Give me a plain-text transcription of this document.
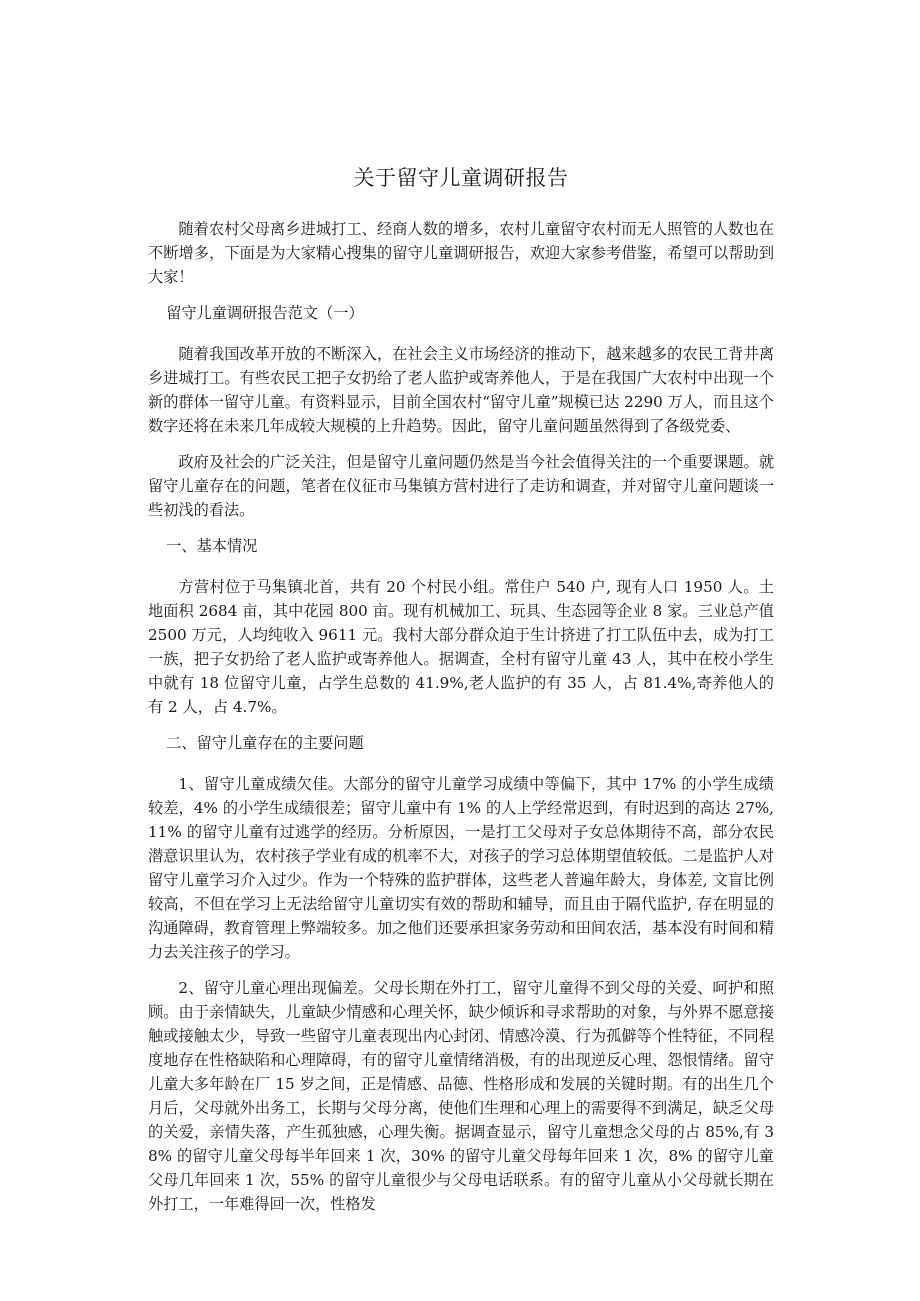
关于留守儿童调研报告

随着农村父母离乡进城打工、经商人数的增多，农村儿童留守农村而无人照管的人数也在不断增多，下面是为大家精心搜集的留守儿童调研报告，欢迎大家参考借鉴，希望可以帮助到大家！

留守儿童调研报告范文（一）

随着我国改革开放的不断深入，在社会主义市场经济的推动下，越来越多的农民工背井离乡进城打工。有些农民工把子女扔给了老人监护或寄养他人，于是在我国广大农村中出现一个新的群体一留守儿童。有资料显示，目前全国农村“留守儿童”规模已达 2290 万人，而且这个数字还将在未来几年成较大规模的上升趋势。因此，留守儿童问题虽然得到了各级党委、

政府及社会的广泛关注，但是留守儿童问题仍然是当今社会值得关注的一个重要课题。就留守儿童存在的问题，笔者在仪征市马集镇方营村进行了走访和调查，并对留守儿童问题谈一些初浅的看法。

一、基本情况

方营村位于马集镇北首，共有 20 个村民小组。常住户 540 户, 现有人口 1950 人。土地面积 2684 亩，其中花园 800 亩。现有机械加工、玩具、生态园等企业 8 家。三业总产值 2500 万元，人均纯收入 9611 元。我村大部分群众迫于生计挤进了打工队伍中去，成为打工一族，把子女扔给了老人监护或寄养他人。据调查，全村有留守儿童 43 人，其中在校小学生中就有 18 位留守儿童，占学生总数的 41.9%,老人监护的有 35 人，占 81.4%,寄养他人的有 2 人，占 4.7%。

二、留守儿童存在的主要问题

1、留守儿童成绩欠佳。大部分的留守儿童学习成绩中等偏下，其中 17% 的小学生成绩较差，4% 的小学生成绩很差；留守儿童中有 1% 的人上学经常迟到，有时迟到的高达 27%,11% 的留守儿童有过逃学的经历。分析原因，一是打工父母对子女总体期待不高，部分农民潜意识里认为，农村孩子学业有成的机率不大，对孩子的学习总体期望值较低。二是监护人对留守儿童学习介入过少。作为一个特殊的监护群体，这些老人普遍年龄大，身体差, 文盲比例较高，不但在学习上无法给留守儿童切实有效的帮助和辅导，而且由于隔代监护, 存在明显的沟通障碍，教育管理上弊端较多。加之他们还要承担家务劳动和田间农活，基本没有时间和精力去关注孩子的学习。

2、留守儿童心理出现偏差。父母长期在外打工，留守儿童得不到父母的关爱、呵护和照顾。由于亲情缺失，儿童缺少情感和心理关怀，缺少倾诉和寻求帮助的对象，与外界不愿意接触或接触太少，导致一些留守儿童表现出内心封闭、情感冷漠、行为孤僻等个性特征，不同程度地存在性格缺陷和心理障碍，有的留守儿童情绪消极，有的出现逆反心理、怨恨情绪。留守儿童大多年龄在厂 15 岁之间，正是情感、品德、性格形成和发展的关键时期。有的出生几个月后，父母就外出务工，长期与父母分离，使他们生理和心理上的需要得不到满足，缺乏父母的关爱，亲情失落，产生孤独感，心理失衡。据调查显示，留守儿童想念父母的占 85%,有 38% 的留守儿童父母每半年回来 1 次，30% 的留守儿童父母每年回来 1 次，8% 的留守儿童父母几年回来 1 次，55% 的留守儿童很少与父母电话联系。有的留守儿童从小父母就长期在外打工，一年难得回一次，性格发
